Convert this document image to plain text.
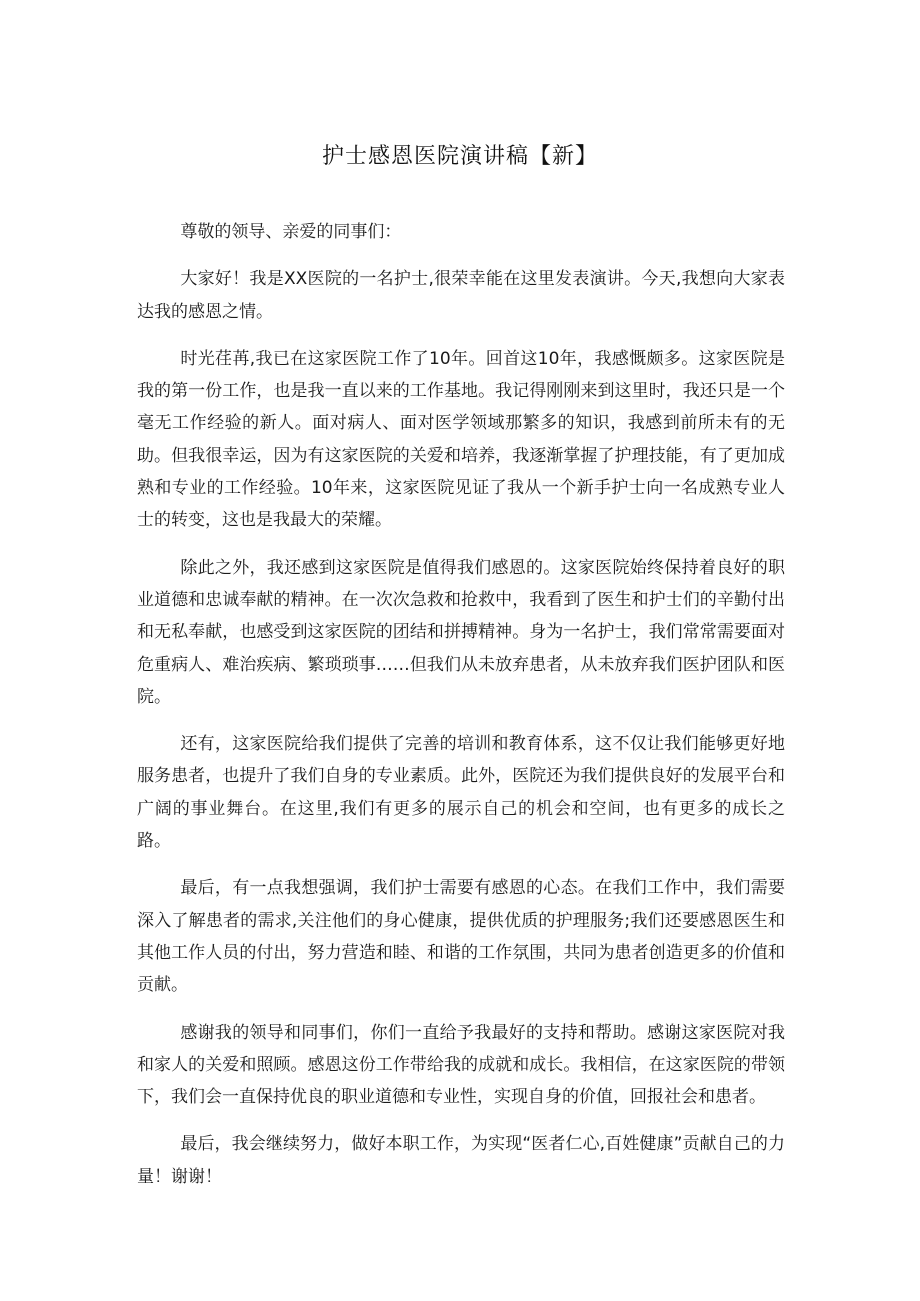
护士感恩医院演讲稿【新】

尊敬的领导、亲爱的同事们：

大家好！我是XX医院的一名护士,很荣幸能在这里发表演讲。今天,我想向大家表达我的感恩之情。

时光荏苒,我已在这家医院工作了10年。回首这10年，我感慨颇多。这家医院是我的第一份工作，也是我一直以来的工作基地。我记得刚刚来到这里时，我还只是一个毫无工作经验的新人。面对病人、面对医学领域那繁多的知识，我感到前所未有的无助。但我很幸运，因为有这家医院的关爱和培养，我逐渐掌握了护理技能，有了更加成熟和专业的工作经验。10年来，这家医院见证了我从一个新手护士向一名成熟专业人士的转变，这也是我最大的荣耀。

除此之外，我还感到这家医院是值得我们感恩的。这家医院始终保持着良好的职业道德和忠诚奉献的精神。在一次次急救和抢救中，我看到了医生和护士们的辛勤付出和无私奉献，也感受到这家医院的团结和拼搏精神。身为一名护士，我们常常需要面对危重病人、难治疾病、繁琐琐事……但我们从未放弃患者，从未放弃我们医护团队和医院。

还有，这家医院给我们提供了完善的培训和教育体系，这不仅让我们能够更好地服务患者，也提升了我们自身的专业素质。此外，医院还为我们提供良好的发展平台和广阔的事业舞台。在这里,我们有更多的展示自己的机会和空间，也有更多的成长之路。

最后，有一点我想强调，我们护士需要有感恩的心态。在我们工作中，我们需要深入了解患者的需求,关注他们的身心健康，提供优质的护理服务;我们还要感恩医生和其他工作人员的付出，努力营造和睦、和谐的工作氛围，共同为患者创造更多的价值和贡献。

感谢我的领导和同事们，你们一直给予我最好的支持和帮助。感谢这家医院对我和家人的关爱和照顾。感恩这份工作带给我的成就和成长。我相信，在这家医院的带领下，我们会一直保持优良的职业道德和专业性，实现自身的价值，回报社会和患者。

最后，我会继续努力，做好本职工作，为实现“医者仁心,百姓健康”贡献自己的力量！谢谢！
